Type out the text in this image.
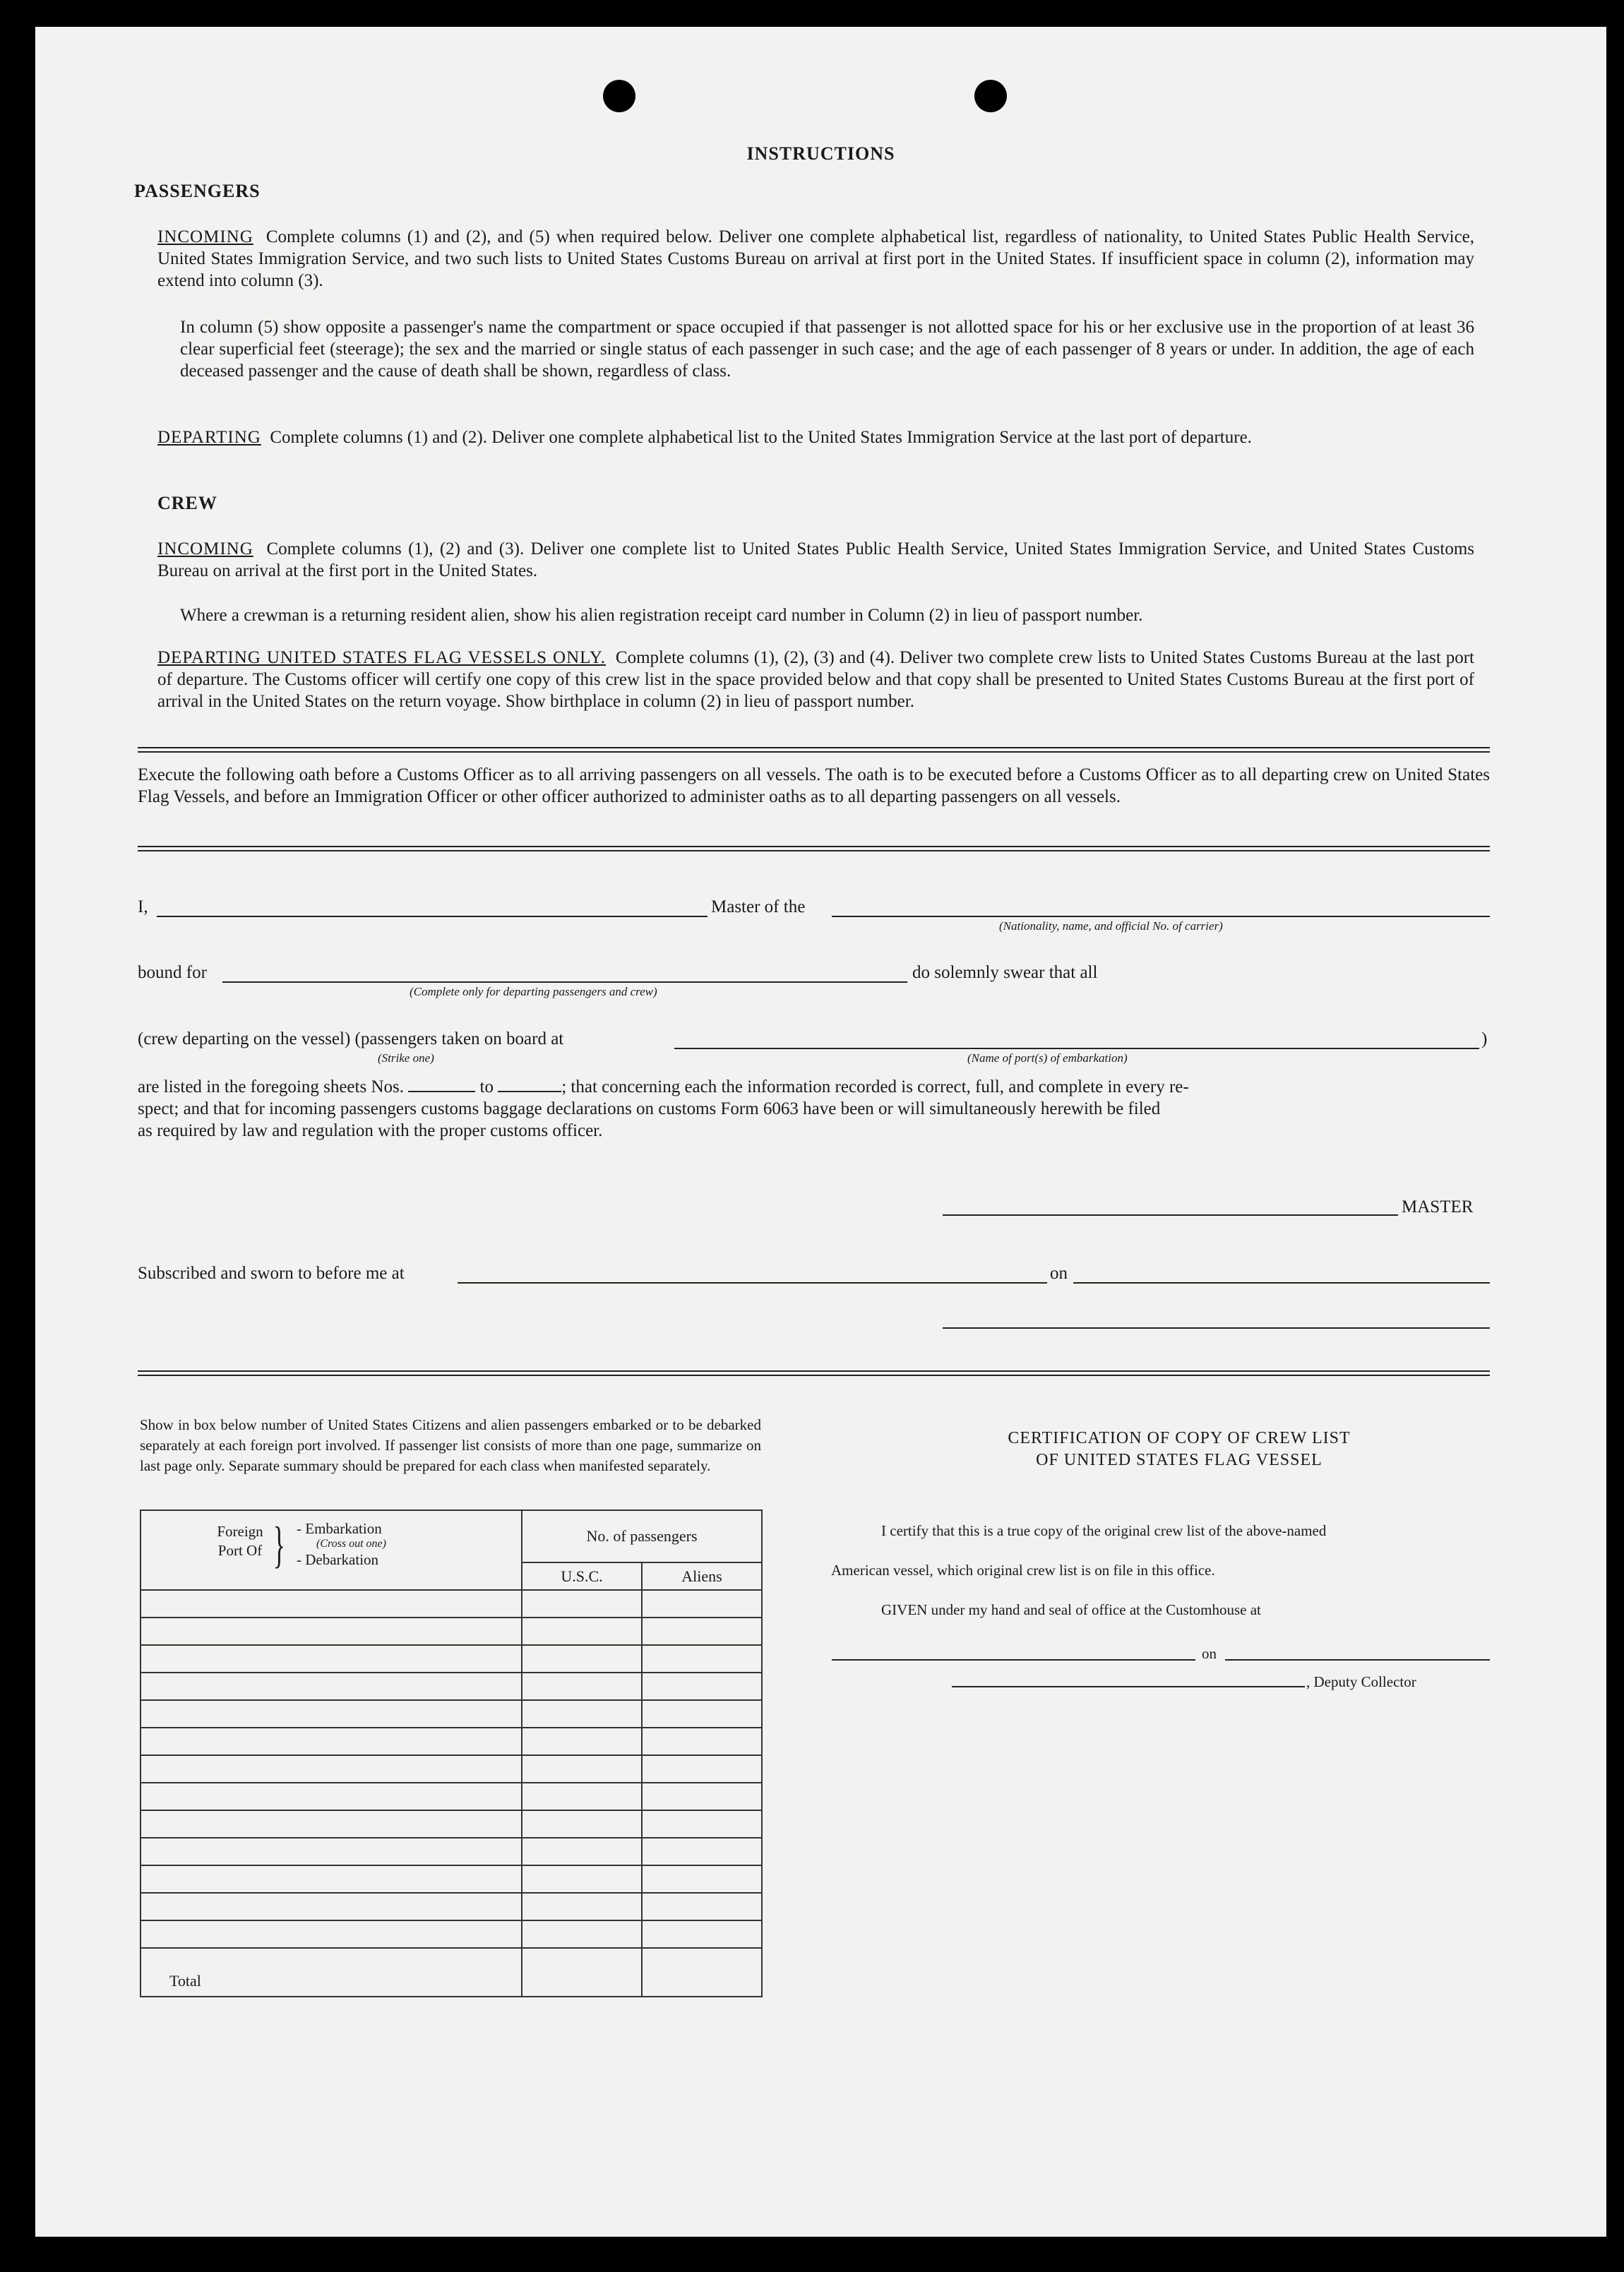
INSTRUCTIONS
PASSENGERS
INCOMING Complete columns (1) and (2), and (5) when required below. Deliver one complete alphabetical list, regardless of nationality, to United States Public Health Service, United States Immigration Service, and two such lists to United States Customs Bureau on arrival at first port in the United States. If insufficient space in column (2), information may extend into column (3).
In column (5) show opposite a passenger's name the compartment or space occupied if that passenger is not allotted space for his or her exclusive use in the proportion of at least 36 clear superficial feet (steerage); the sex and the married or single status of each passenger in such case; and the age of each passenger of 8 years or under. In addition, the age of each deceased passenger and the cause of death shall be shown, regardless of class.
DEPARTING Complete columns (1) and (2). Deliver one complete alphabetical list to the United States Immigration Service at the last port of departure.
CREW
INCOMING Complete columns (1), (2) and (3). Deliver one complete list to United States Public Health Service, United States Immigration Service, and United States Customs Bureau on arrival at the first port in the United States.
Where a crewman is a returning resident alien, show his alien registration receipt card number in Column (2) in lieu of passport number.
DEPARTING UNITED STATES FLAG VESSELS ONLY. Complete columns (1), (2), (3) and (4). Deliver two complete crew lists to United States Customs Bureau at the last port of departure. The Customs officer will certify one copy of this crew list in the space provided below and that copy shall be presented to United States Customs Bureau at the first port of arrival in the United States on the return voyage. Show birthplace in column (2) in lieu of passport number.
Execute the following oath before a Customs Officer as to all arriving passengers on all vessels. The oath is to be executed before a Customs Officer as to all departing crew on United States Flag Vessels, and before an Immigration Officer or other officer authorized to administer oaths as to all departing passengers on all vessels.
I,	Master of the
(Nationality, name, and official No. of carrier)
bound for
(Complete only for departing passengers and crew)
do solemnly swear that all
(crew departing on the vessel) (passengers taken on board at	)
(Strike one)	(Name of port(s) of embarkation)
are listed in the foregoing sheets Nos.	to	; that concerning each the information recorded is correct, full, and complete in every re-
spect; and that for incoming passengers customs baggage declarations on customs Form 6063 have been or will simultaneously herewith be filed
as required by law and regulation with the proper customs officer.
MASTER
Subscribed and sworn to before me at	on
Show in box below number of United States Citizens and alien passengers embarked or to be debarked separately at each foreign port involved. If passenger list consists of more than one page, summarize on last page only. Separate summary should be prepared for each class when manifested separately.
Foreign Port Of } - Embarkation
(Cross out one)
- Debarkation	No. of passengers	
	U.S.C.	Aliens

Total		
CERTIFICATION OF COPY OF CREW LIST
OF UNITED STATES FLAG VESSEL
I certify that this is a true copy of the original crew list of the above-named
American vessel, which original crew list is on file in this office.
GIVEN under my hand and seal of office at the Customhouse at
on
, Deputy Collector
